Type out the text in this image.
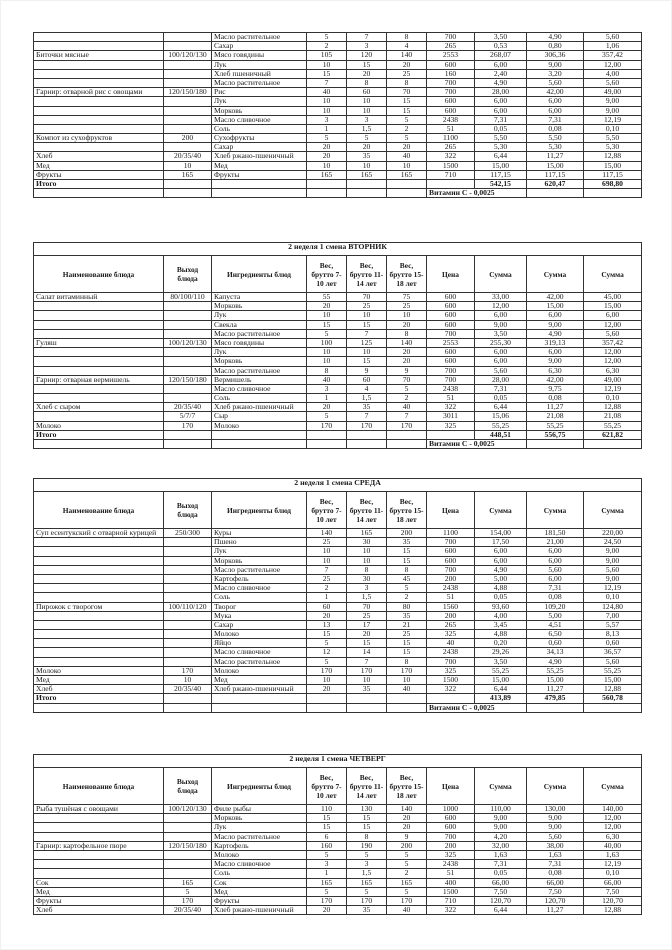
		Масло растительное	5	7	8	700	3,50	4,90	5,60
		Сахар	2	3	4	265	0,53	0,80	1,06
Биточки мясные	100/120/130	Мясо говядины	105	120	140	2553	268,07	306,36	357,42
		Лук	10	15	20	600	6,00	9,00	12,00
		Хлеб пшеничный	15	20	25	160	2,40	3,20	4,00
		Масло растительное	7	8	8	700	4,90	5,60	5,60
Гарнир: отварной рис с овощами	120/150/180	Рис	40	60	70	700	28,00	42,00	49,00
		Лук	10	10	15	600	6,00	6,00	9,00
		Морковь	10	10	15	600	6,00	6,00	9,00
		Масло сливочное	3	3	5	2438	7,31	7,31	12,19
		Соль	1	1,5	2	51	0,05	0,08	0,10
Компот из сухофруктов	200	Сухофрукты	5	5	5	1100	5,50	5,50	5,50
		Сахар	20	20	20	265	5,30	5,30	5,30
Хлеб	20/35/40	Хлеб ржано-пшеничный	20	35	40	322	6,44	11,27	12,88
Мед	10	Мед	10	10	10	1500	15,00	15,00	15,00
Фрукты	165	Фрукты	165	165	165	710	117,15	117,15	117,15
Итого							542,15	620,47	698,80
						Витамин С - 0,0025			
2 неделя 1 смена ВТОРНИК									
Наименование блюда	Выход блюда	Ингредиенты блюд	Вес, брутто 7-10 лет	Вес, брутто 11-14 лет	Вес, брутто 15-18 лет	Цена	Сумма	Сумма	Сумма
Салат витаминный	80/100/110	Капуста	55	70	75	600	33,00	42,00	45,00
		Морковь	20	25	25	600	12,00	15,00	15,00
		Лук	10	10	10	600	6,00	6,00	6,00
		Свекла	15	15	20	600	9,00	9,00	12,00
		Масло растительное	5	7	8	700	3,50	4,90	5,60
Гуляш	100/120/130	Мясо говядины	100	125	140	2553	255,30	319,13	357,42
		Лук	10	10	20	600	6,00	6,00	12,00
		Морковь	10	15	20	600	6,00	9,00	12,00
		Масло растительное	8	9	9	700	5,60	6,30	6,30
Гарнир: отварная вермишель	120/150/180	Вермишель	40	60	70	700	28,00	42,00	49,00
		Масло сливочное	3	4	5	2438	7,31	9,75	12,19
		Соль	1	1,5	2	51	0,05	0,08	0,10
Хлеб с сыром	20/35/40	Хлеб ржано-пшеничный	20	35	40	322	6,44	11,27	12,88
	5/7/7	Сыр	5	7	7	3011	15,06	21,08	21,08
Молоко	170	Молоко	170	170	170	325	55,25	55,25	55,25
Итого							448,51	556,75	621,82
						Витамин С - 0,0025			
2 неделя 1 смена СРЕДА									
Наименование блюда	Выход блюда	Ингредиенты блюд	Вес, брутто 7-10 лет	Вес, брутто 11-14 лет	Вес, брутто 15-18 лет	Цена	Сумма	Сумма	Сумма
Суп есентукский с отварной курицей	250/300	Куры	140	165	200	1100	154,00	181,50	220,00
		Пшено	25	30	35	700	17,50	21,00	24,50
		Лук	10	10	15	600	6,00	6,00	9,00
		Морковь	10	10	15	600	6,00	6,00	9,00
		Масло растительное	7	8	8	700	4,90	5,60	5,60
		Картофель	25	30	45	200	5,00	6,00	9,00
		Масло сливочное	2	3	5	2438	4,88	7,31	12,19
		Соль	1	1,5	2	51	0,05	0,08	0,10
Пирожок с творогом	100/110/120	Творог	60	70	80	1560	93,60	109,20	124,80
		Мука	20	25	35	200	4,00	5,00	7,00
		Сахар	13	17	21	265	3,45	4,51	5,57
		Молоко	15	20	25	325	4,88	6,50	8,13
		Яйцо	5	15	15	40	0,20	0,60	0,60
		Масло сливочное	12	14	15	2438	29,26	34,13	36,57
		Масло растительное	5	7	8	700	3,50	4,90	5,60
Молоко	170	Молоко	170	170	170	325	55,25	55,25	55,25
Мед	10	Мед	10	10	10	1500	15,00	15,00	15,00
Хлеб	20/35/40	Хлеб ржано-пшеничный	20	35	40	322	6,44	11,27	12,88
Итого							413,89	479,85	560,78
						Витамин С - 0,0025			
2 неделя 1 смена ЧЕТВЕРГ									
Наименование блюда	Выход блюда	Ингредиенты блюд	Вес, брутто 7-10 лет	Вес, брутто 11-14 лет	Вес, брутто 15-18 лет	Цена	Сумма	Сумма	Сумма
Рыба тушёная с овощами	100/120/130	Филе рыбы	110	130	140	1000	110,00	130,00	140,00
		Морковь	15	15	20	600	9,00	9,00	12,00
		Лук	15	15	20	600	9,00	9,00	12,00
		Масло растительное	6	8	9	700	4,20	5,60	6,30
Гарнир: картофельное пюре	120/150/180	Картофель	160	190	200	200	32,00	38,00	40,00
		Молоко	5	5	5	325	1,63	1,63	1,63
		Масло сливочное	3	3	5	2438	7,31	7,31	12,19
		Соль	1	1,5	2	51	0,05	0,08	0,10
Сок	165	Сок	165	165	165	400	66,00	66,00	66,00
Мед	5	Мед	5	5	5	1500	7,50	7,50	7,50
Фрукты	170	Фрукты	170	170	170	710	120,70	120,70	120,70
Хлеб	20/35/40	Хлеб ржано-пшеничный	20	35	40	322	6,44	11,27	12,88
